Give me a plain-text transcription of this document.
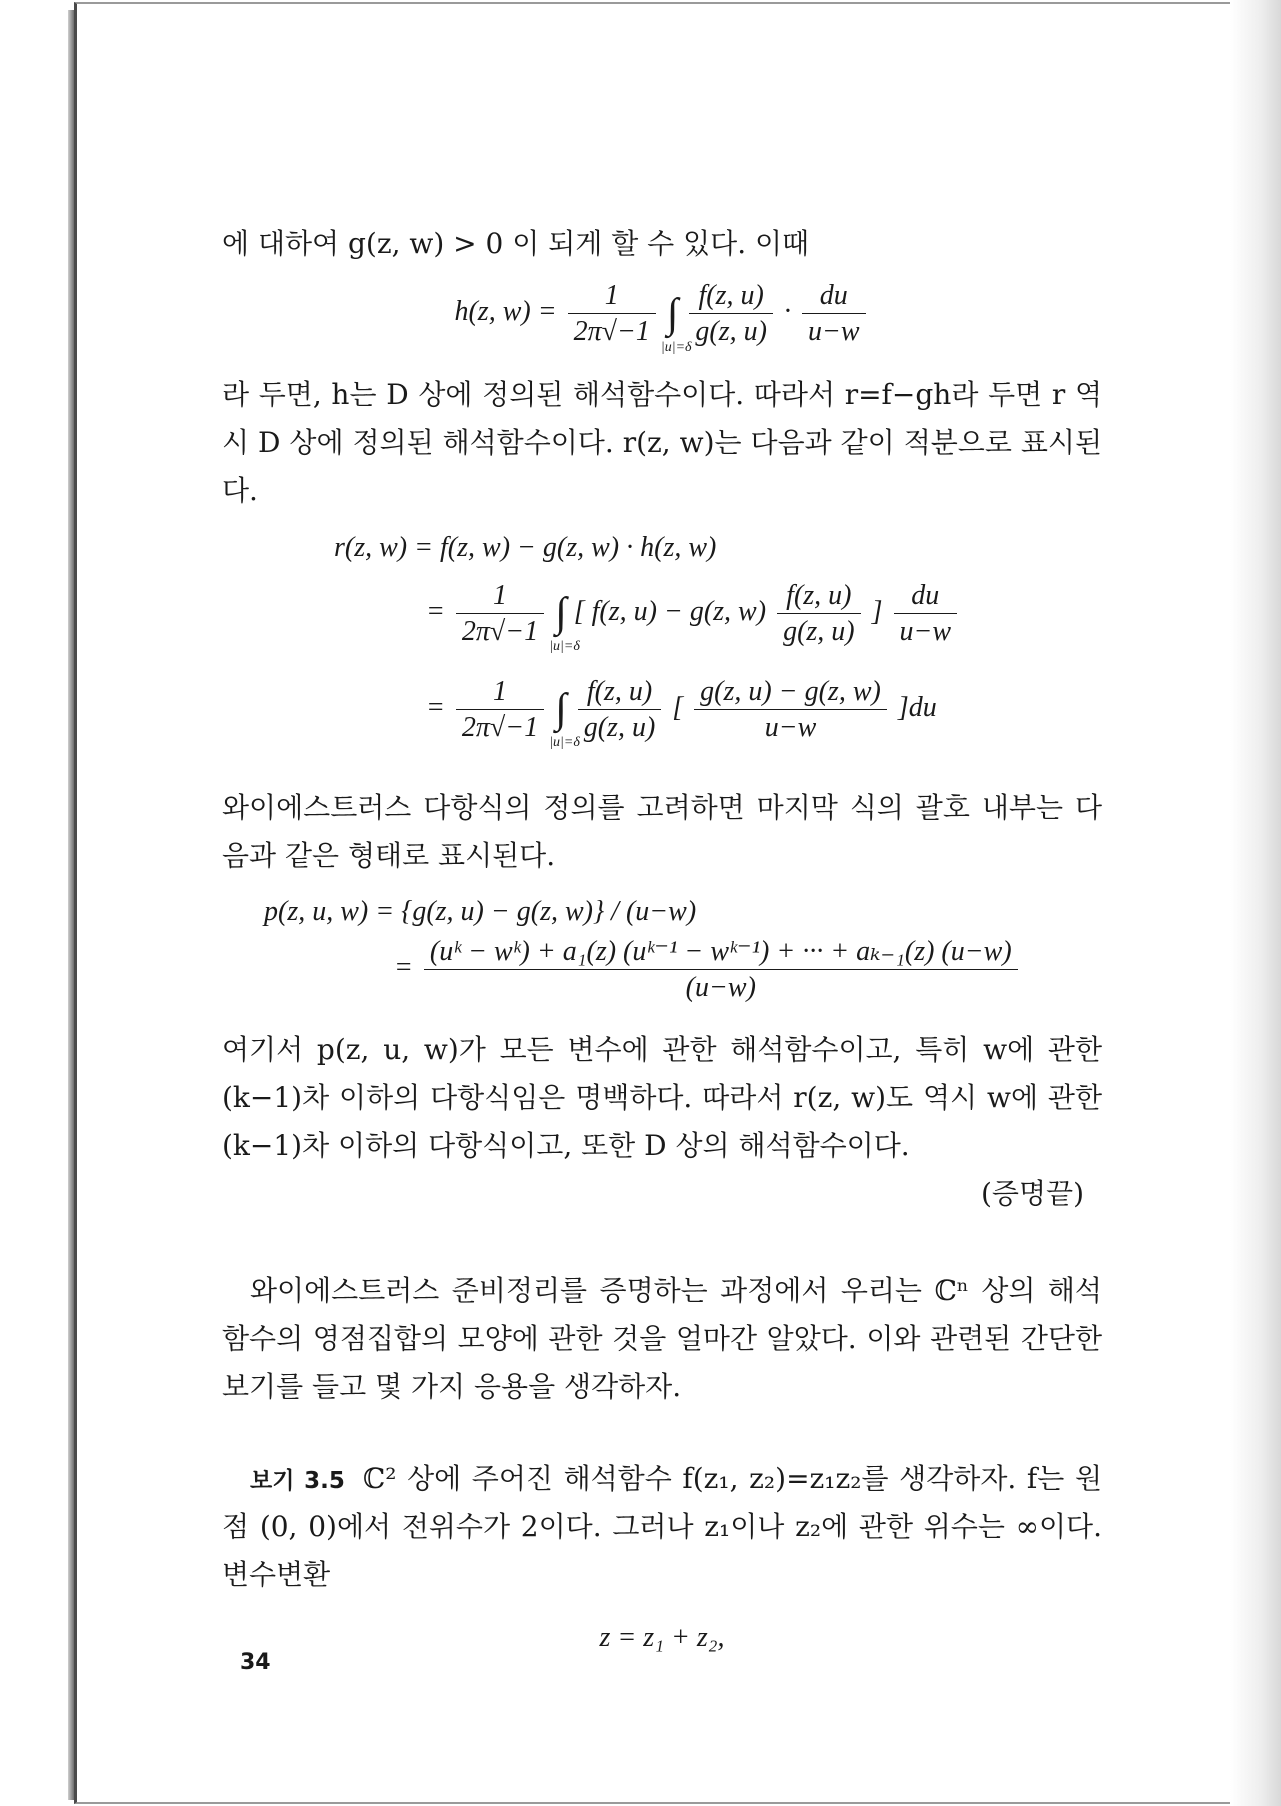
에 대하여 g(z, w) > 0 이 되게 할 수 있다. 이때

h(z, $w) = \frac{1}{2\pi√-1}$ ∫
|u|=δ

$\frac{f(z, u)}{g(z, u)} \cdot \frac{du}{u-w}$

라 두면, h는 D 상에 정의된 해석함수이다. 따라서 r=f−gh라 두면 r 역시 D 상에 정의된 해석함수이다. r(z, w)는 다음과 같이 적분으로 표시된다.

r(z, w) = f(z, w) − g(z, w) · h(z, w)
= $\frac{1}{2\pi√-1}$ ∫
|u|=δ
[ f(z, u) − g(z, $w) \frac{f(z, u)}{g(z, u)}$ ] $\frac{du}{u-w}$
= $\frac{1}{2\pi√-1}$ ∫
|u|=δ

$\frac{f(z, u)}{g(z, u)}$ [ $\frac{g(z, u) - g(z, w)}{u-w} ]du$

와이에스트러스 다항식의 정의를 고려하면 마지막 식의 괄호 내부는 다음과 같은 형태로 표시된다.

p(z, u, w) = {g(z, u) − g(z, w)} / (u−w)
= $\frac{\text{(uᵏ − wᵏ) + a₁(z) (uᵏ⁻¹ − wᵏ⁻¹) + ··· + aₖ₋₁(z) (u−w)}}{(u-w)}$

여기서 p(z, u, w)가 모든 변수에 관한 해석함수이고, 특히 w에 관한 (k−1)차 이하의 다항식임은 명백하다. 따라서 r(z, w)도 역시 w에 관한 (k−1)차 이하의 다항식이고, 또한 D 상의 해석함수이다.

(증명끝)

와이에스트러스 준비정리를 증명하는 과정에서 우리는 ℂⁿ 상의 해석함수의 영점집합의 모양에 관한 것을 얼마간 알았다. 이와 관련된 간단한 보기를 들고 몇 가지 응용을 생각하자.

보기 3.5 ℂ² 상에 주어진 해석함수 f(z₁, z₂)=z₁z₂를 생각하자. f는 원점 (0, 0)에서 전위수가 2이다. 그러나 z₁이나 z₂에 관한 위수는 ∞이다. 변수변환

z = z₁ + z₂,
34
